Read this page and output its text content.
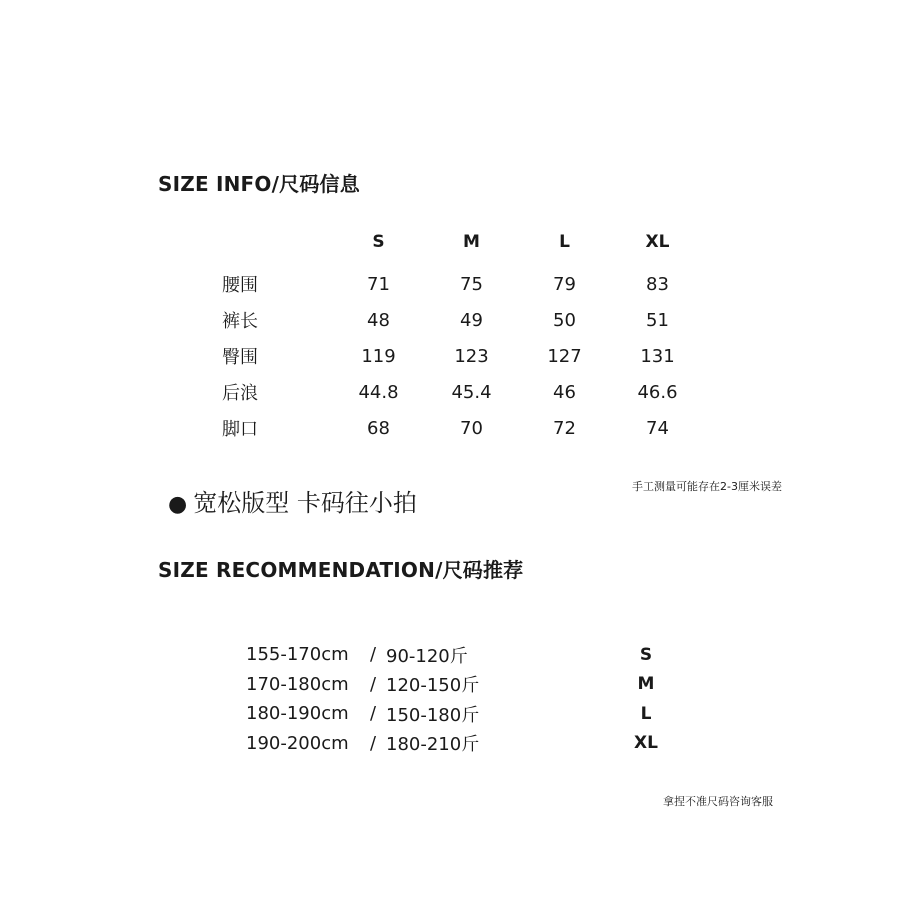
SIZE INFO/尺码信息
	S	M	L	XL
腰围	71	75	79	83
裤长	48	49	50	51
臀围	119	123	127	131
后浪	44.8	45.4	46	46.6
脚口	68	70	72	74
● 宽松版型 卡码往小拍
手工测量可能存在2-3厘米误差
SIZE RECOMMENDATION/尺码推荐
155-170cm	/	90-120斤	S
170-180cm	/	120-150斤	M
180-190cm	/	150-180斤	L
190-200cm	/	180-210斤	XL
拿捏不准尺码咨询客服
